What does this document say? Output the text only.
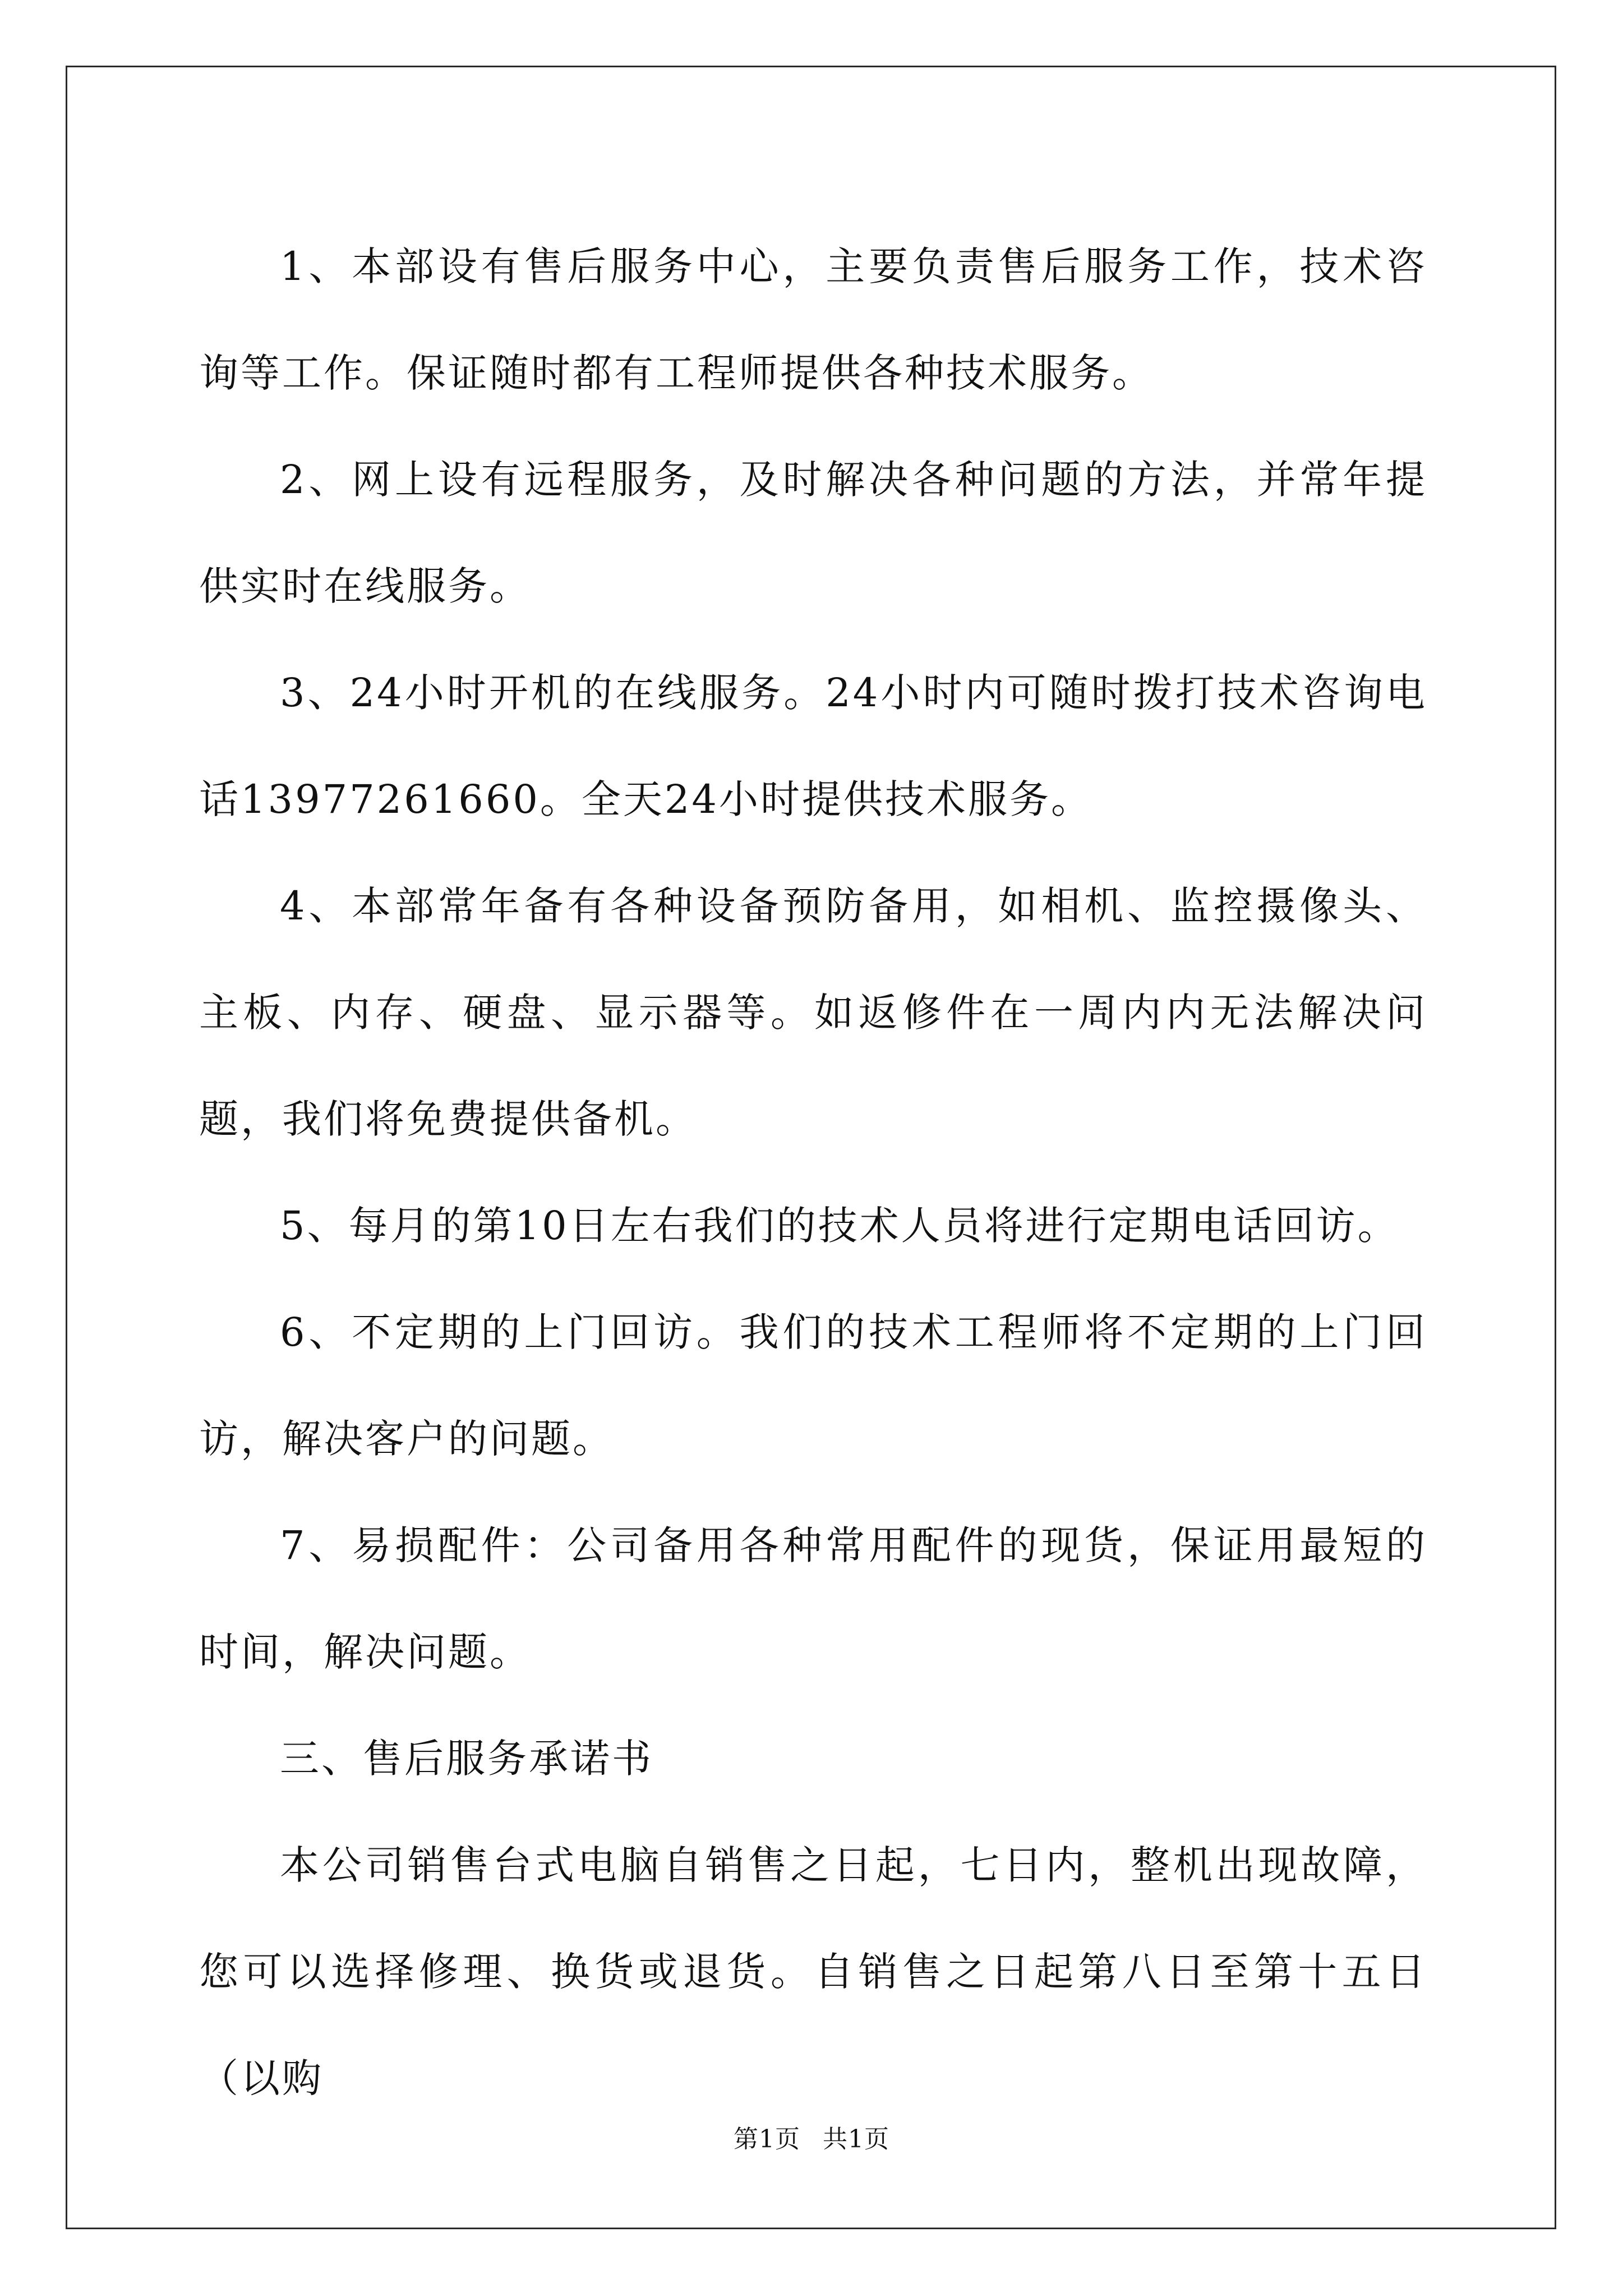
1、本部设有售后服务中心，主要负责售后服务工作，技术咨询等工作。保证随时都有工程师提供各种技术服务。

2、网上设有远程服务，及时解决各种问题的方法，并常年提供实时在线服务。

3、24小时开机的在线服务。24小时内可随时拨打技术咨询电话13977261660。全天24小时提供技术服务。

4、本部常年备有各种设备预防备用，如相机、监控摄像头、主板、内存、硬盘、显示器等。如返修件在一周内内无法解决问题，我们将免费提供备机。

5、每月的第10日左右我们的技术人员将进行定期电话回访。

6、不定期的上门回访。我们的技术工程师将不定期的上门回访，解决客户的问题。

7、易损配件：公司备用各种常用配件的现货，保证用最短的时间，解决问题。

三、售后服务承诺书

本公司销售台式电脑自销售之日起，七日内，整机出现故障，您可以选择修理、换货或退货。自销售之日起第八日至第十五日（以购

第1页 共1页
